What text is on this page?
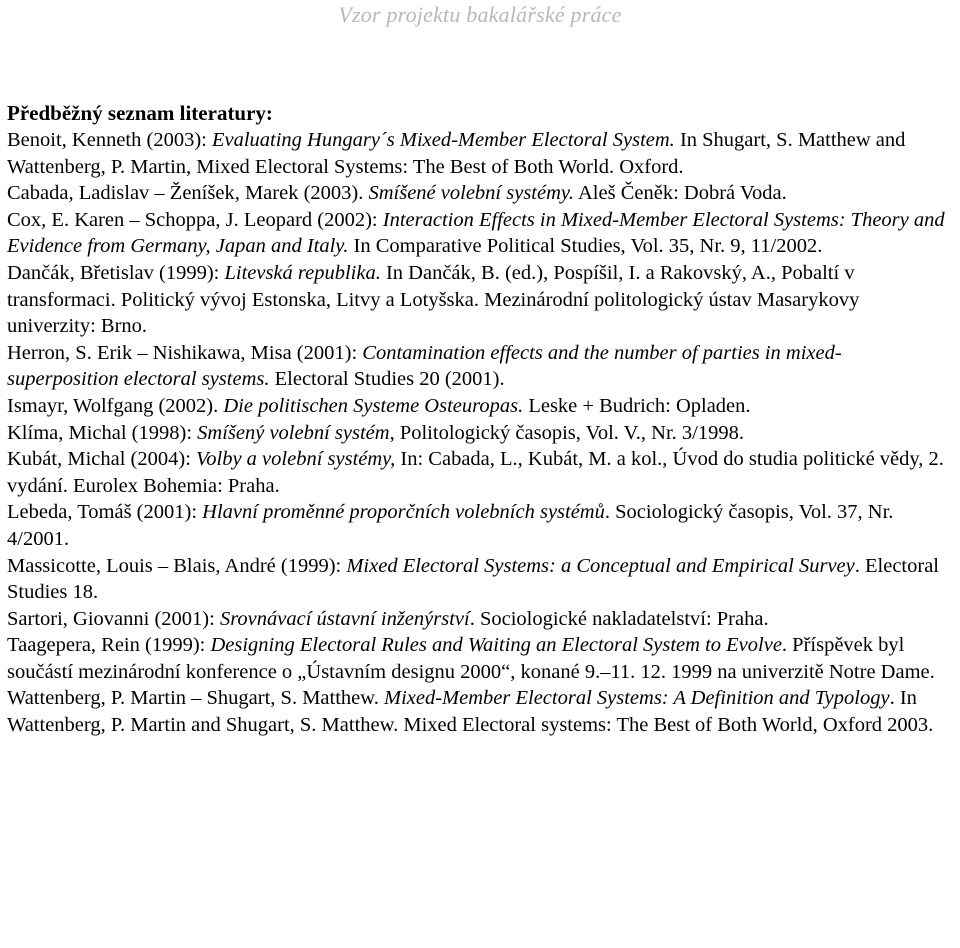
Vzor projektu bakalářské práce
Předběžný seznam literatury:
Benoit, Kenneth (2003): Evaluating Hungary´s Mixed-Member Electoral System. In Shugart, S. Matthew and Wattenberg, P. Martin, Mixed Electoral Systems: The Best of Both World. Oxford.
Cabada, Ladislav – Ženíšek, Marek (2003). Smíšené volební systémy. Aleš Čeněk: Dobrá Voda.
Cox, E. Karen – Schoppa, J. Leopard (2002): Interaction Effects in Mixed-Member Electoral Systems: Theory and Evidence from Germany, Japan and Italy. In Comparative Political Studies, Vol. 35, Nr. 9, 11/2002.
Dančák, Břetislav (1999): Litevská republika. In Dančák, B. (ed.), Pospíšil, I. a Rakovský, A., Pobaltí v transformaci. Politický vývoj Estonska, Litvy a Lotyšska. Mezinárodní politologický ústav Masarykovy univerzity: Brno.
Herron, S. Erik – Nishikawa, Misa (2001): Contamination effects and the number of parties in mixed-superposition electoral systems. Electoral Studies 20 (2001).
Ismayr, Wolfgang (2002). Die politischen Systeme Osteuropas. Leske + Budrich: Opladen.
Klíma, Michal (1998): Smíšený volební systém, Politologický časopis, Vol. V., Nr. 3/1998.
Kubát, Michal (2004): Volby a volební systémy, In: Cabada, L., Kubát, M. a kol., Úvod do studia politické vědy, 2. vydání. Eurolex Bohemia: Praha.
Lebeda, Tomáš (2001): Hlavní proměnné proporčních volebních systémů. Sociologický časopis, Vol. 37, Nr. 4/2001.
Massicotte, Louis – Blais, André (1999): Mixed Electoral Systems: a Conceptual and Empirical Survey. Electoral Studies 18.
Sartori, Giovanni (2001): Srovnávací ústavní inženýrství. Sociologické nakladatelství: Praha.
Taagepera, Rein (1999): Designing Electoral Rules and Waiting an Electoral System to Evolve. Příspěvek byl součástí mezinárodní konference o „Ústavním designu 2000“, konané 9.–11. 12. 1999 na univerzitě Notre Dame.
Wattenberg, P. Martin – Shugart, S. Matthew. Mixed-Member Electoral Systems: A Definition and Typology. In Wattenberg, P. Martin and Shugart, S. Matthew. Mixed Electoral systems: The Best of Both World, Oxford 2003.
